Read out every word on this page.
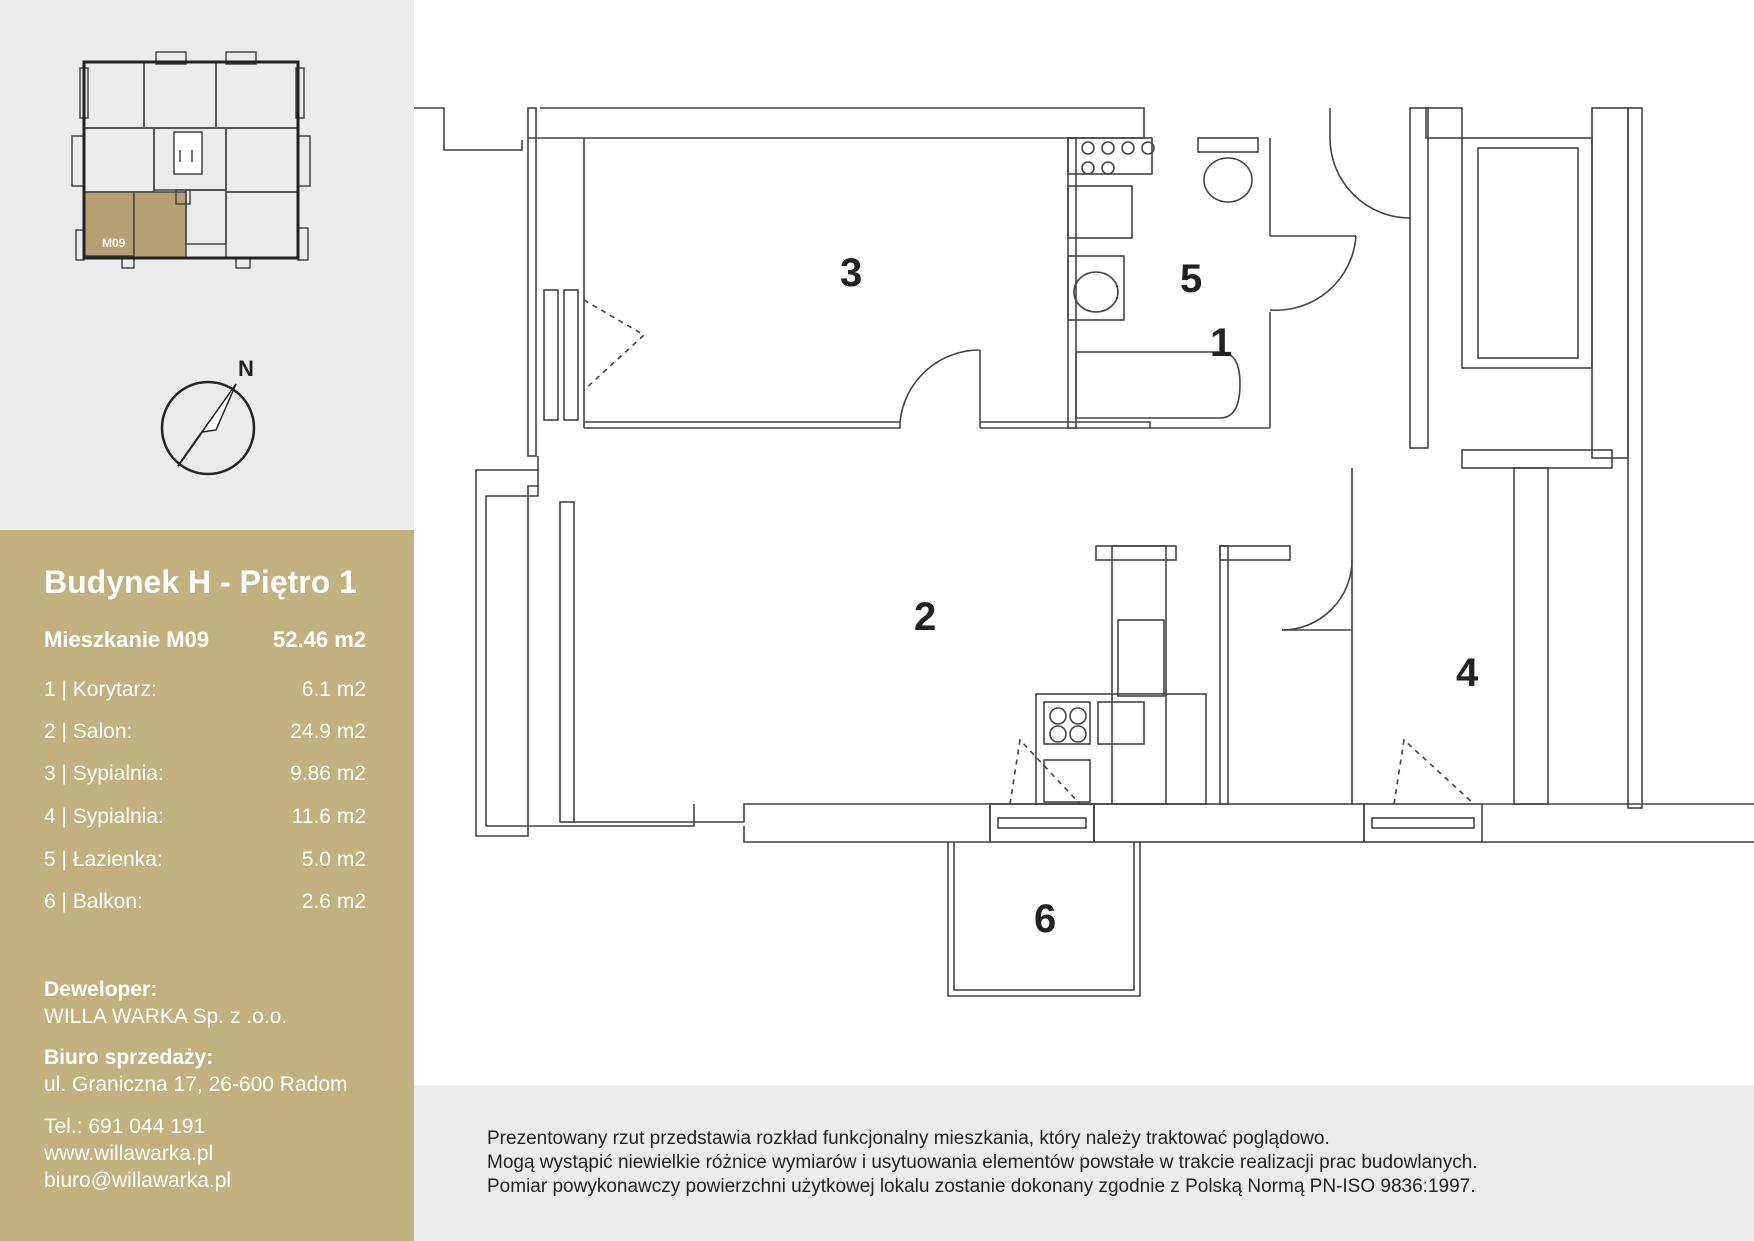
M09
N
Budynek H - Piętro 1
Mieszkanie M09	52.46 m2
1 | Korytarz:	6.1 m2
2 | Salon:	24.9 m2
3 | Sypialnia:	9.86 m2
4 | Sypialnia:	11.6 m2
5 | Łazienka:	5.0 m2
6 | Balkon:	2.6 m2
Deweloper:
WILLA WARKA Sp. z .o.o.
Biuro sprzedaży:
ul. Graniczna 17, 26-600 Radom
Tel.: 691 044 191
www.willawarka.pl
biuro@willawarka.pl
1
2
3
4
5
6
Prezentowany rzut przedstawia rozkład funkcjonalny mieszkania, który należy traktować poglądowo.
Mogą wystąpić niewielkie różnice wymiarów i usytuowania elementów powstałe w trakcie realizacji prac budowlanych.
Pomiar powykonawczy powierzchni użytkowej lokalu zostanie dokonany zgodnie z Polską Normą PN-ISO 9836:1997.
